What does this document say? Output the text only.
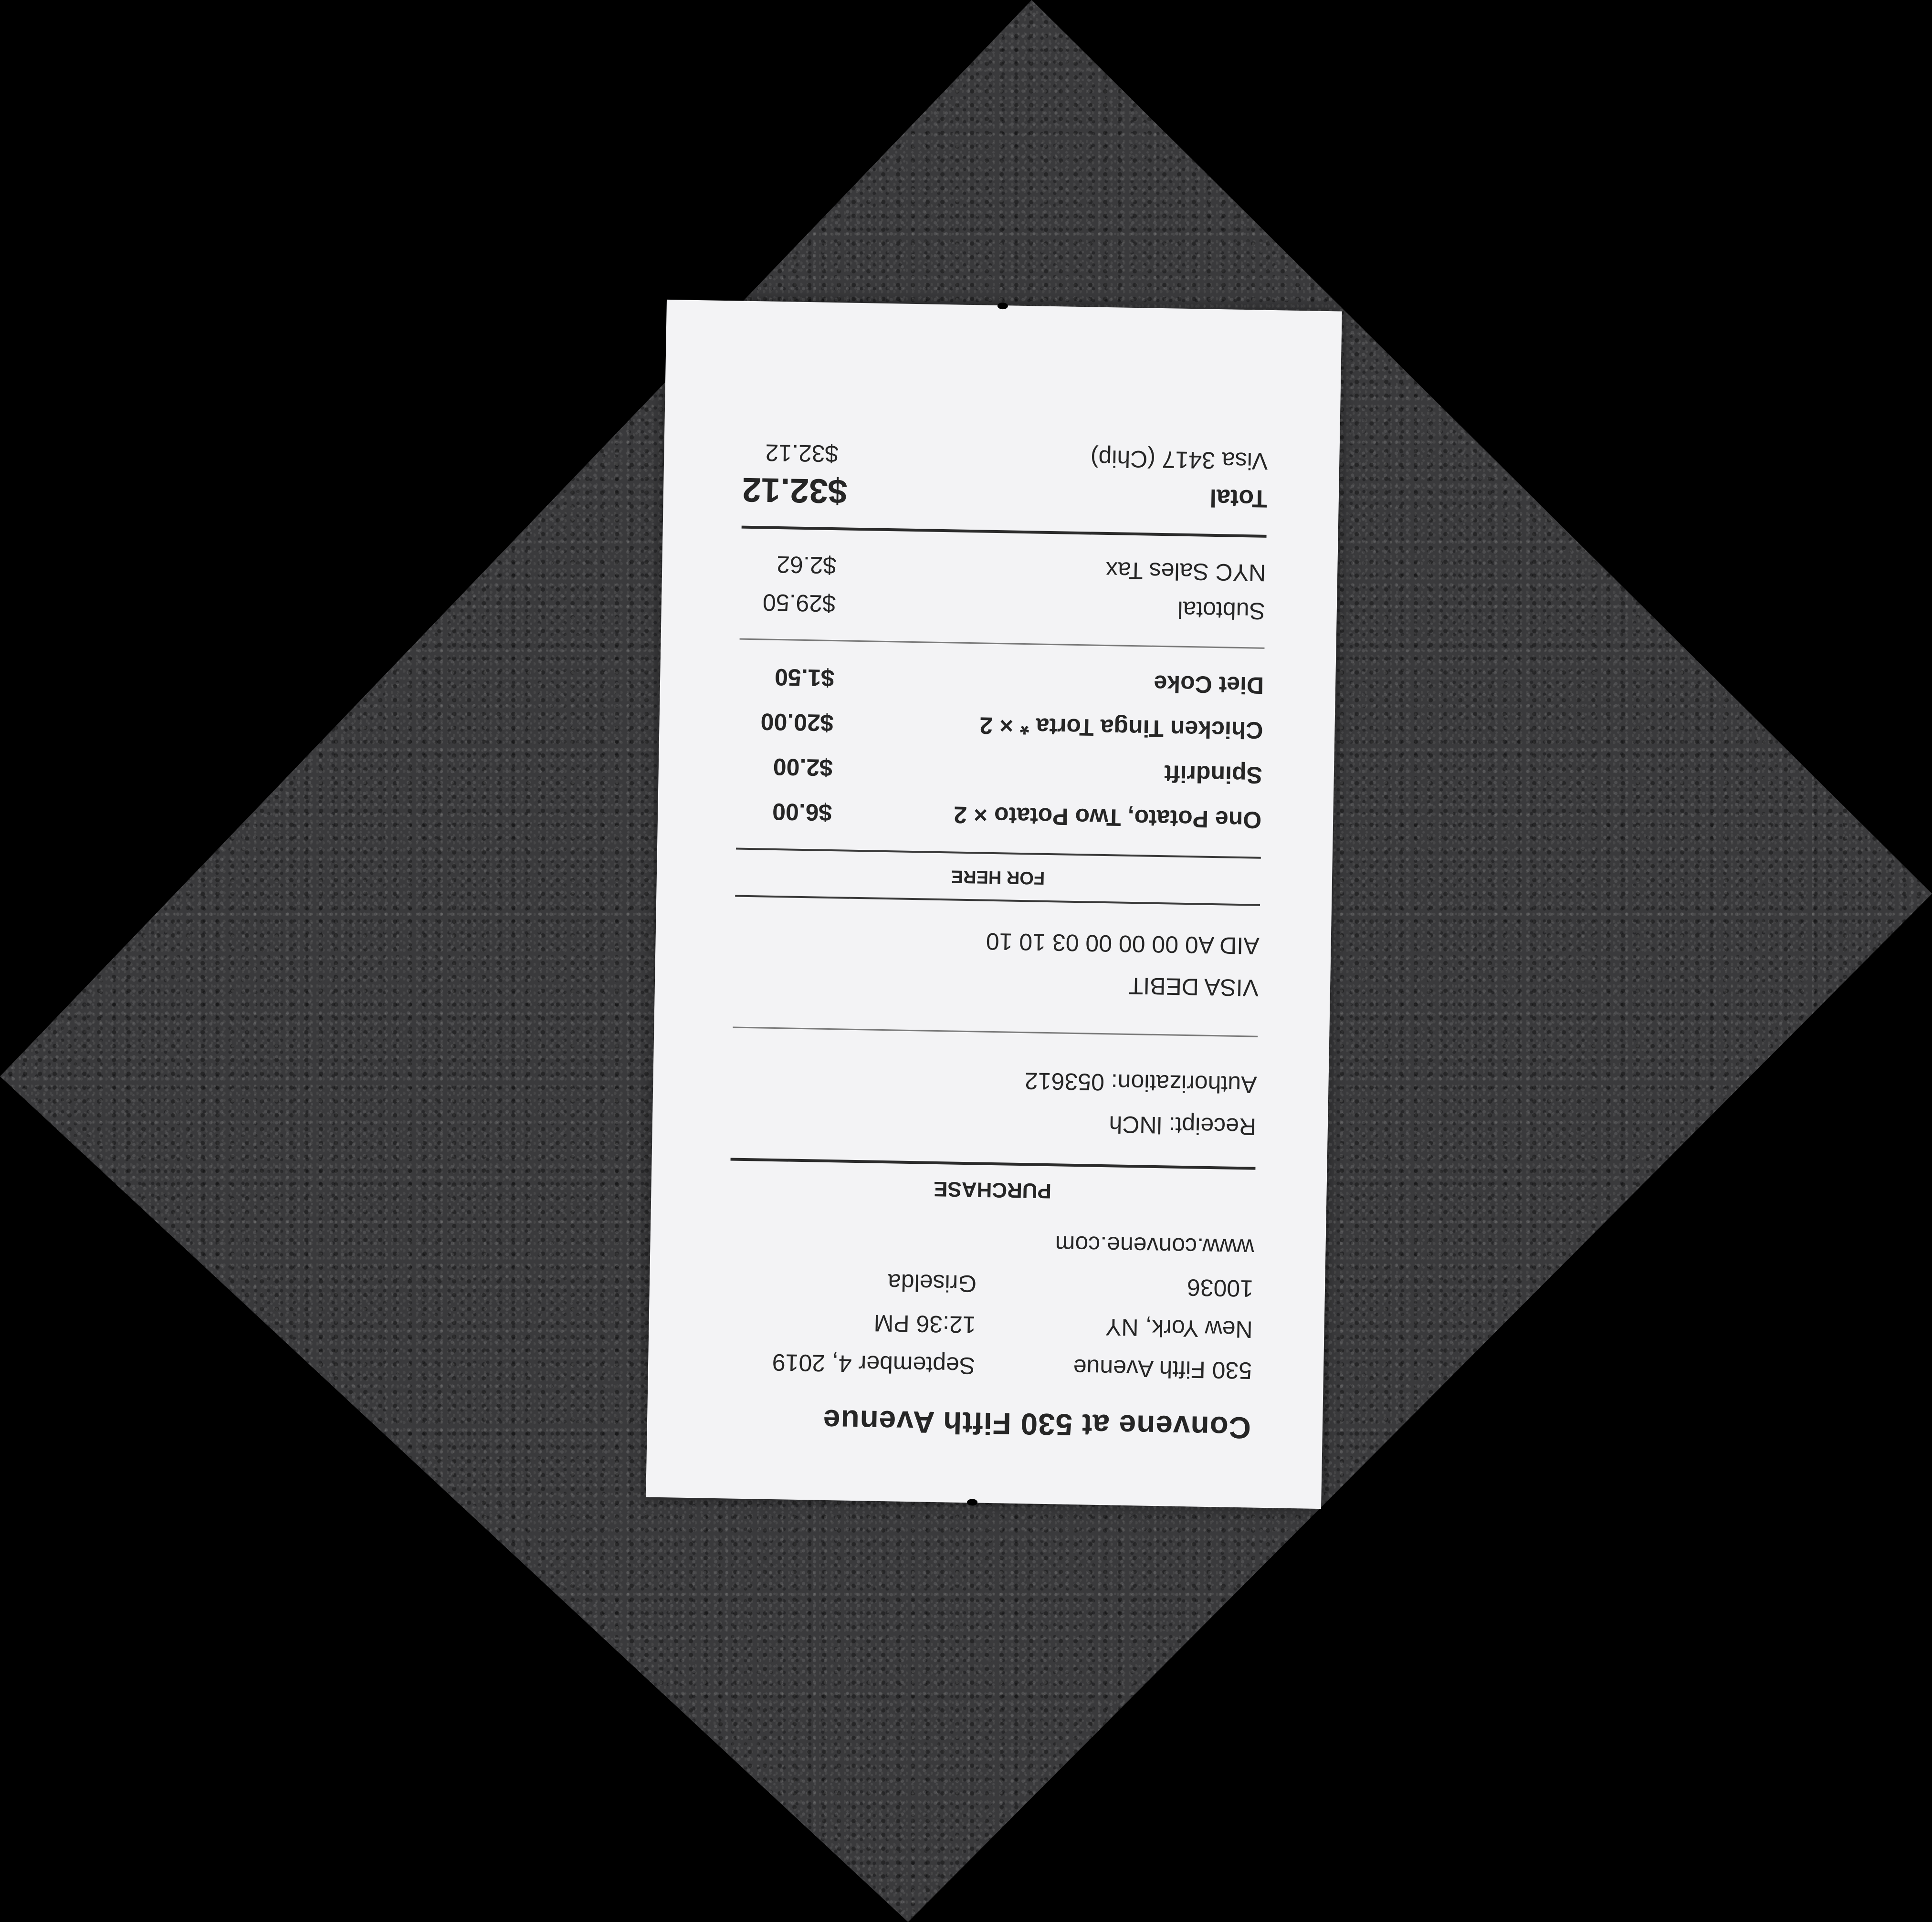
Convene at 530 Fifth Avenue
530 Fifth Avenue
September 4, 2019
New York, NY
12:36 PM
10036
Griselda
www.convene.com
PURCHASE
Receipt: lNCh
Authorization: 053612
VISA DEBIT
AID A0 00 00 00 03 10 10
FOR HERE
One Potato, Two Potato × 2
$6.00
Spindrift
$2.00
Chicken Tinga Torta * × 2
$20.00
Diet Coke
$1.50
Subtotal
$29.50
NYC Sales Tax
$2.62
Total
$32.12
Visa 3417 (Chip)
$32.12
